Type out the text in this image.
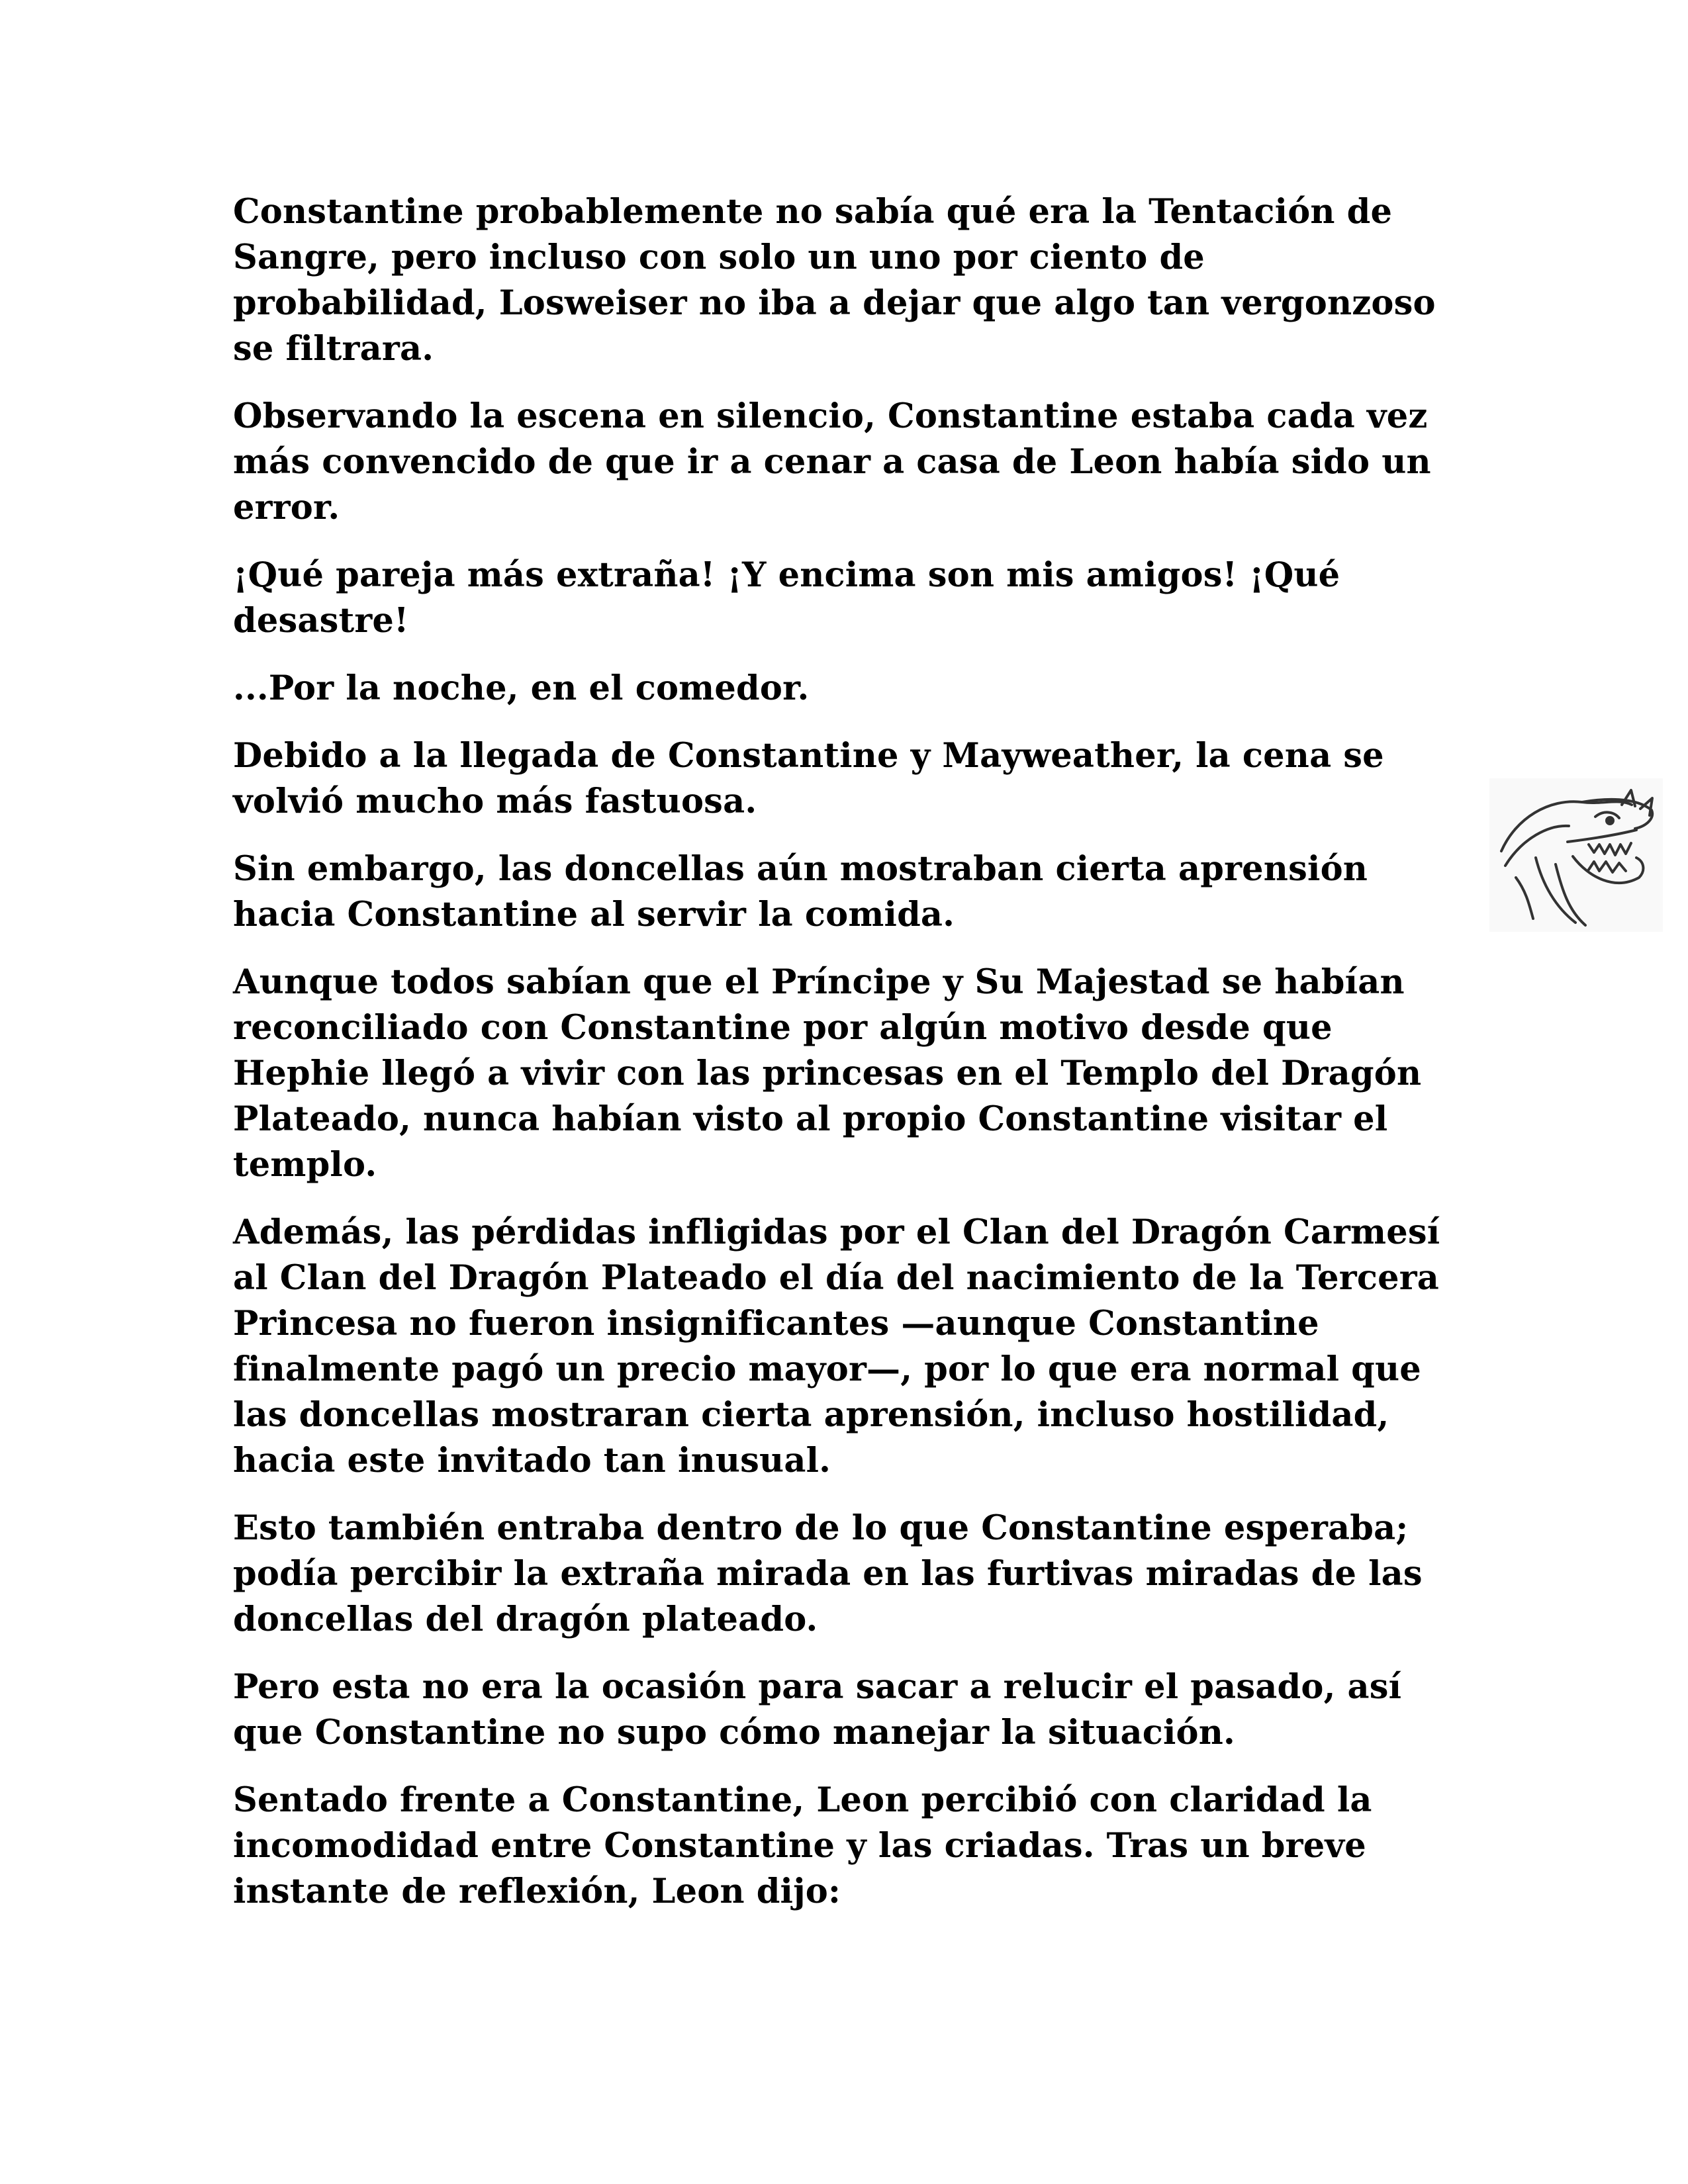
Constantine probablemente no sabía qué era la Tentación de Sangre, pero incluso con solo un uno por ciento de probabilidad, Losweiser no iba a dejar que algo tan vergonzoso se filtrara.

Observando la escena en silencio, Constantine estaba cada vez más convencido de que ir a cenar a casa de Leon había sido un error.

¡Qué pareja más extraña! ¡Y encima son mis amigos! ¡Qué desastre!

...Por la noche, en el comedor.

Debido a la llegada de Constantine y Mayweather, la cena se volvió mucho más fastuosa.

Sin embargo, las doncellas aún mostraban cierta aprensión hacia Constantine al servir la comida.

Aunque todos sabían que el Príncipe y Su Majestad se habían reconciliado con Constantine por algún motivo desde que Hephie llegó a vivir con las princesas en el Templo del Dragón Plateado, nunca habían visto al propio Constantine visitar el templo.

Además, las pérdidas infligidas por el Clan del Dragón Carmesí al Clan del Dragón Plateado el día del nacimiento de la Tercera Princesa no fueron insignificantes —aunque Constantine finalmente pagó un precio mayor—, por lo que era normal que las doncellas mostraran cierta aprensión, incluso hostilidad, hacia este invitado tan inusual.

Esto también entraba dentro de lo que Constantine esperaba; podía percibir la extraña mirada en las furtivas miradas de las doncellas del dragón plateado.

Pero esta no era la ocasión para sacar a relucir el pasado, así que Constantine no supo cómo manejar la situación.

Sentado frente a Constantine, Leon percibió con claridad la incomodidad entre Constantine y las criadas. Tras un breve instante de reflexión, Leon dijo:
